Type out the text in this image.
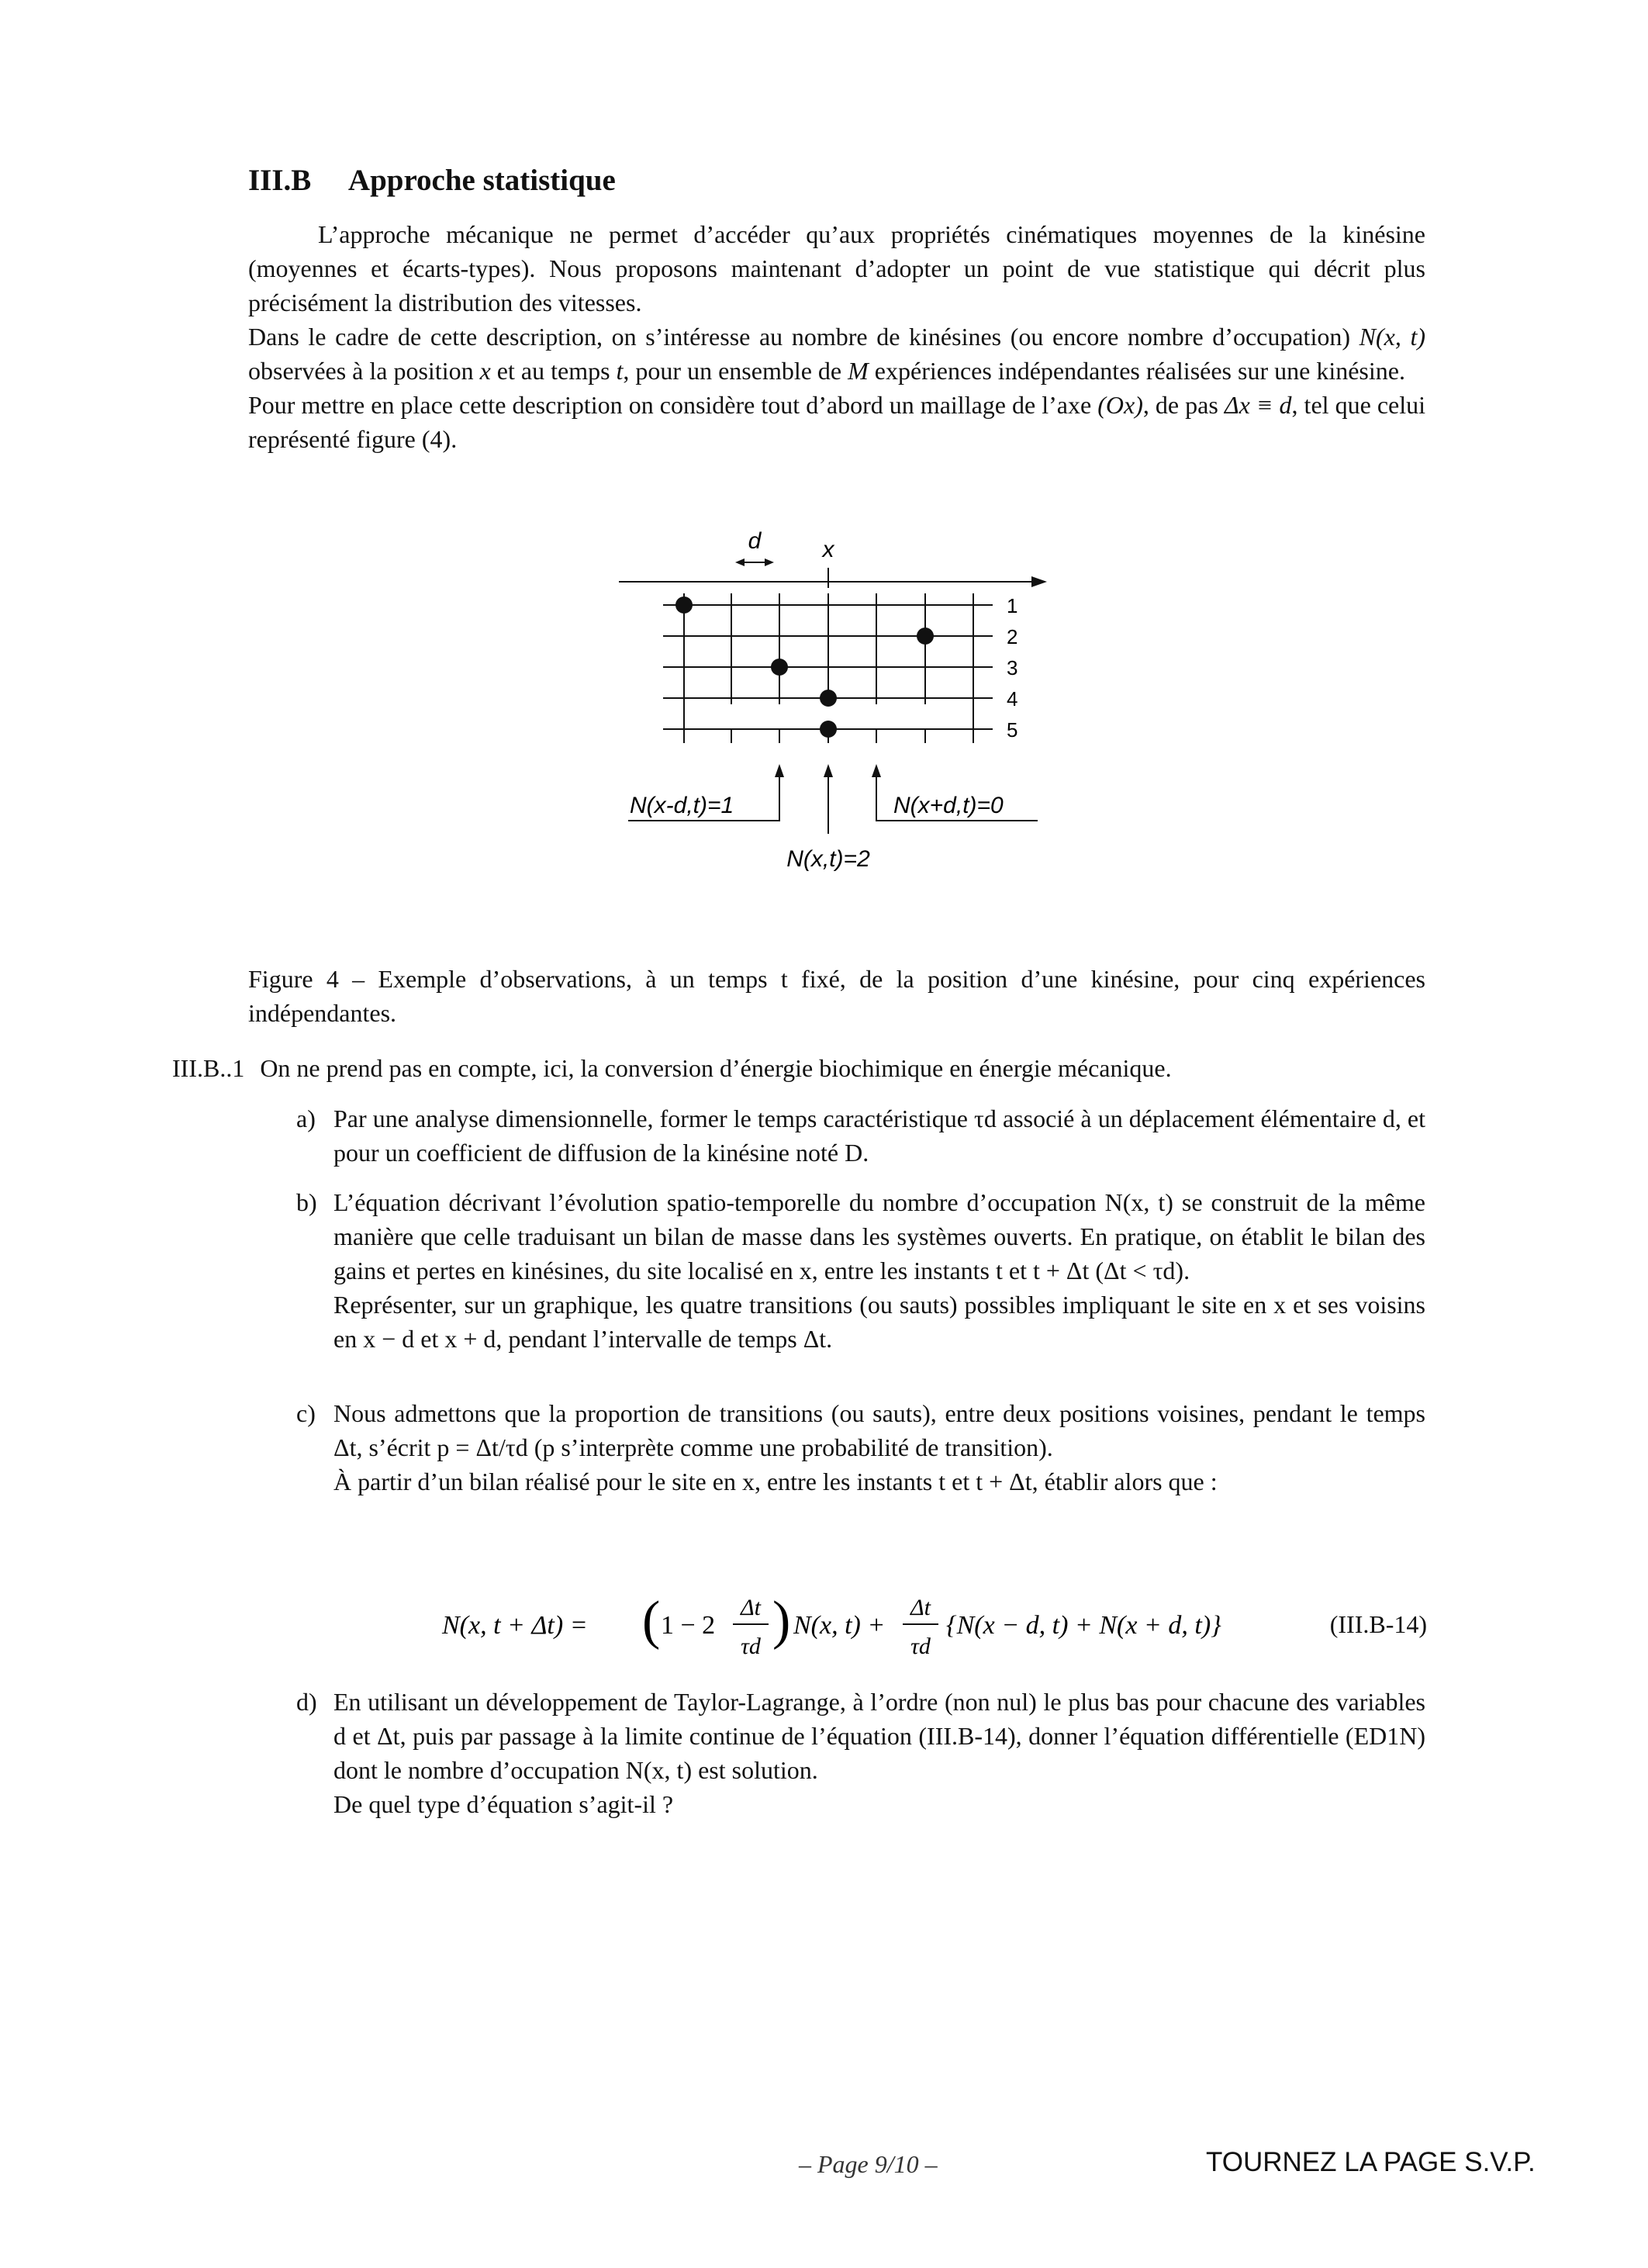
III.B Approche statistique

L’approche mécanique ne permet d’accéder qu’aux propriétés cinématiques moyennes de la kinésine (moyennes et écarts-types). Nous proposons maintenant d’adopter un point de vue statistique qui décrit plus précisément la distribution des vitesses.

Dans le cadre de cette description, on s’intéresse au nombre de kinésines (ou encore nombre d’occupation) N(x, t) observées à la position x et au temps t, pour un ensemble de M expériences indépendantes réalisées sur une kinésine.

Pour mettre en place cette description on considère tout d’abord un maillage de l’axe (Ox), de pas Δx ≡ d, tel que celui représenté figure (4).

d	x
1
2
3
4
5
N(x-d,t)=1	N(x+d,t)=0
N(x,t)=2

Figure 4 – Exemple d’observations, à un temps t fixé, de la position d’une kinésine, pour cinq expériences indépendantes.

III.B..1 On ne prend pas en compte, ici, la conversion d’énergie biochimique en énergie mécanique.
a) Par une analyse dimensionnelle, former le temps caractéristique τd associé à un déplacement élémentaire d, et pour un coefficient de diffusion de la kinésine noté D.

b) L’équation décrivant l’évolution spatio-temporelle du nombre d’occupation N(x, t) se construit de la même manière que celle traduisant un bilan de masse dans les systèmes ouverts. En pratique, on établit le bilan des gains et pertes en kinésines, du site localisé en x, entre les instants t et t + Δt (Δt < τd).

Représenter, sur un graphique, les quatre transitions (ou sauts) possibles impliquant le site en x et ses voisins en x − d et x + d, pendant l’intervalle de temps Δt.

c) Nous admettons que la proportion de transitions (ou sauts), entre deux positions voisines, pendant le temps Δt, s’écrit p = Δt/τd (p s’interprète comme une probabilité de transition).

À partir d’un bilan réalisé pour le site en x, entre les instants t et t + Δt, établir alors que :

N(x, t + Δt) = ( 1 − 2
Δt
τd ) N(x, t) +
Δt
τd
{N(x − d, t) + N(x + d, t)}	(III.B-14)
d) En utilisant un développement de Taylor-Lagrange, à l’ordre (non nul) le plus bas pour chacune des variables d et Δt, puis par passage à la limite continue de l’équation (III.B-14), donner l’équation différentielle (ED1N) dont le nombre d’occupation N(x, t) est solution.

De quel type d’équation s’agit-il ?

– Page 9/10 –	TOURNEZ LA PAGE S.V.P.
